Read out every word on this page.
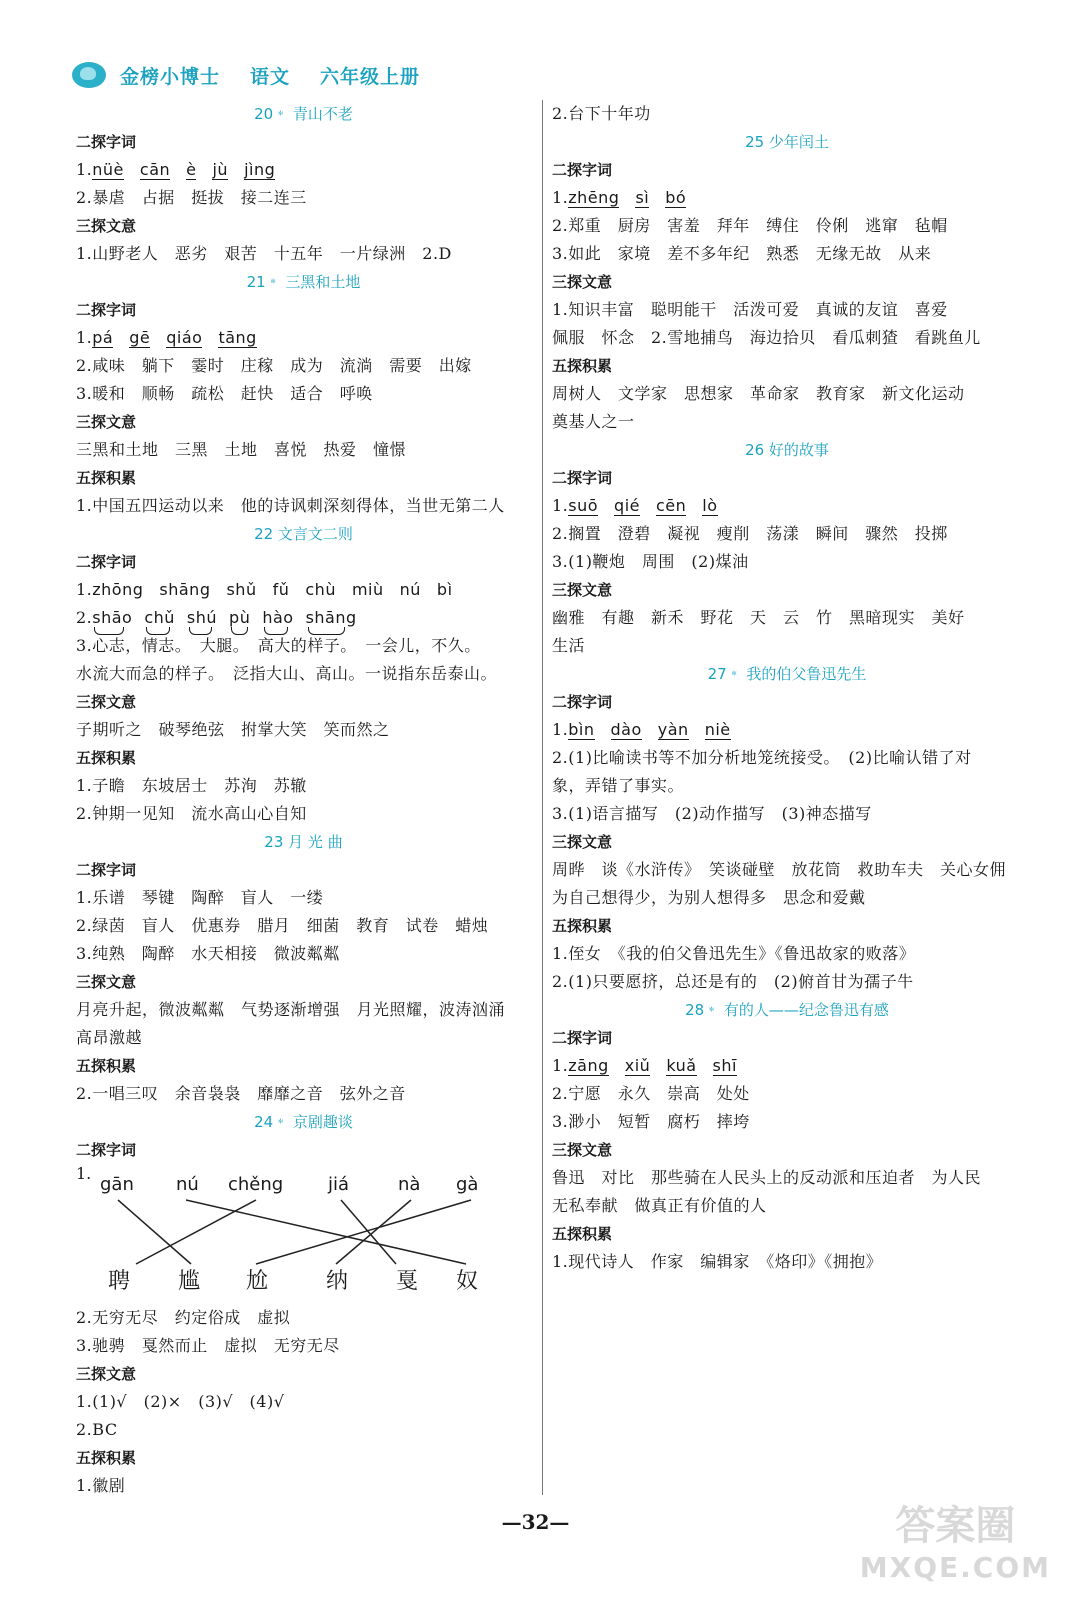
金榜小博士 语文 六年级上册
20﹡ 青山不老
二探字词
1.nüè cān è jù jìng
2.暴虐　占据　挺拔　接二连三
三探文意
1.山野老人　恶劣　艰苦　十五年　一片绿洲　2.D
21﹡ 三黑和土地
二探字词
1.pá gē qiáo tāng
2.咸味　躺下　霎时　庄稼　成为　流淌　需要　出嫁
3.暖和　顺畅　疏松　赶快　适合　呼唤
三探文意
三黑和土地　三黑　土地　喜悦　热爱　憧憬
五探积累
1.中国五四运动以来　他的诗讽刺深刻得体，当世无第二人
22 文言文二则
二探字词
1.zhōng shāng shǔ fǔ chù miù nú bì
2.shāo chǔ shú pù hào shāng
3.心志，情志。　大腿。　高大的样子。　一会儿，不久。
水流大而急的样子。　泛指大山、高山。一说指东岳泰山。
三探文意
子期听之　破琴绝弦　拊掌大笑　笑而然之
五探积累
1.子瞻　东坡居士　苏洵　苏辙
2.钟期一见知　流水高山心自知
23 月 光 曲
二探字词
1.乐谱　琴键　陶醉　盲人　一缕
2.绿茵　盲人　优惠券　腊月　细菌　教育　试卷　蜡烛
3.纯熟　陶醉　水天相接　微波粼粼
三探文意
月亮升起，微波粼粼　气势逐渐增强　月光照耀，波涛汹涌
高昂激越
五探积累
2.一唱三叹　余音袅袅　靡靡之音　弦外之音
24﹡ 京剧趣谈
二探字词
1.
gān nú chěng jiá	nà gà
聘 尴 尬	纳 戛 奴
2.无穷无尽　约定俗成　虚拟
3.驰骋　戛然而止　虚拟　无穷无尽
三探文意
1.(1)√　(2)×　(3)√　(4)√
2.BC
五探积累
1.徽剧
2.台下十年功
25 少年闰土
二探字词
1.zhēng sì bó
2.郑重　厨房　害羞　拜年　缚住　伶俐　逃窜　毡帽
3.如此　家境　差不多年纪　熟悉　无缘无故　从来
三探文意
1.知识丰富　聪明能干　活泼可爱　真诚的友谊　喜爱
佩服　怀念　2.雪地捕鸟　海边拾贝　看瓜刺猹　看跳鱼儿
五探积累
周树人　文学家　思想家　革命家　教育家　新文化运动
奠基人之一
26 好的故事
二探字词
1.suō qié cēn lò
2.搁置　澄碧　凝视　瘦削　荡漾　瞬间　骤然　投掷
3.(1)鞭炮　周围　(2)煤油
三探文意
幽雅　有趣　新禾　野花　天　云　竹　黑暗现实　美好
生活
27﹡ 我的伯父鲁迅先生
二探字词
1.bìn dào yàn niè
2.(1)比喻读书等不加分析地笼统接受。　(2)比喻认错了对
象，弄错了事实。
3.(1)语言描写　(2)动作描写　(3)神态描写
三探文意
周晔　谈《水浒传》　笑谈碰壁　放花筒　救助车夫　关心女佣
为自己想得少，为别人想得多　思念和爱戴
五探积累
1.侄女　《我的伯父鲁迅先生》《鲁迅故家的败落》
2.(1)只要愿挤，总还是有的　(2)俯首甘为孺子牛
28﹡ 有的人——纪念鲁迅有感
二探字词
1.zāng xiǔ kuǎ shī
2.宁愿　永久　崇高　处处
3.渺小　短暂　腐朽　摔垮
三探文意
鲁迅　对比　那些骑在人民头上的反动派和压迫者　为人民
无私奉献　做真正有价值的人
五探积累
1.现代诗人　作家　编辑家　《烙印》《拥抱》
—32—	答案圈
MXQE.COM
